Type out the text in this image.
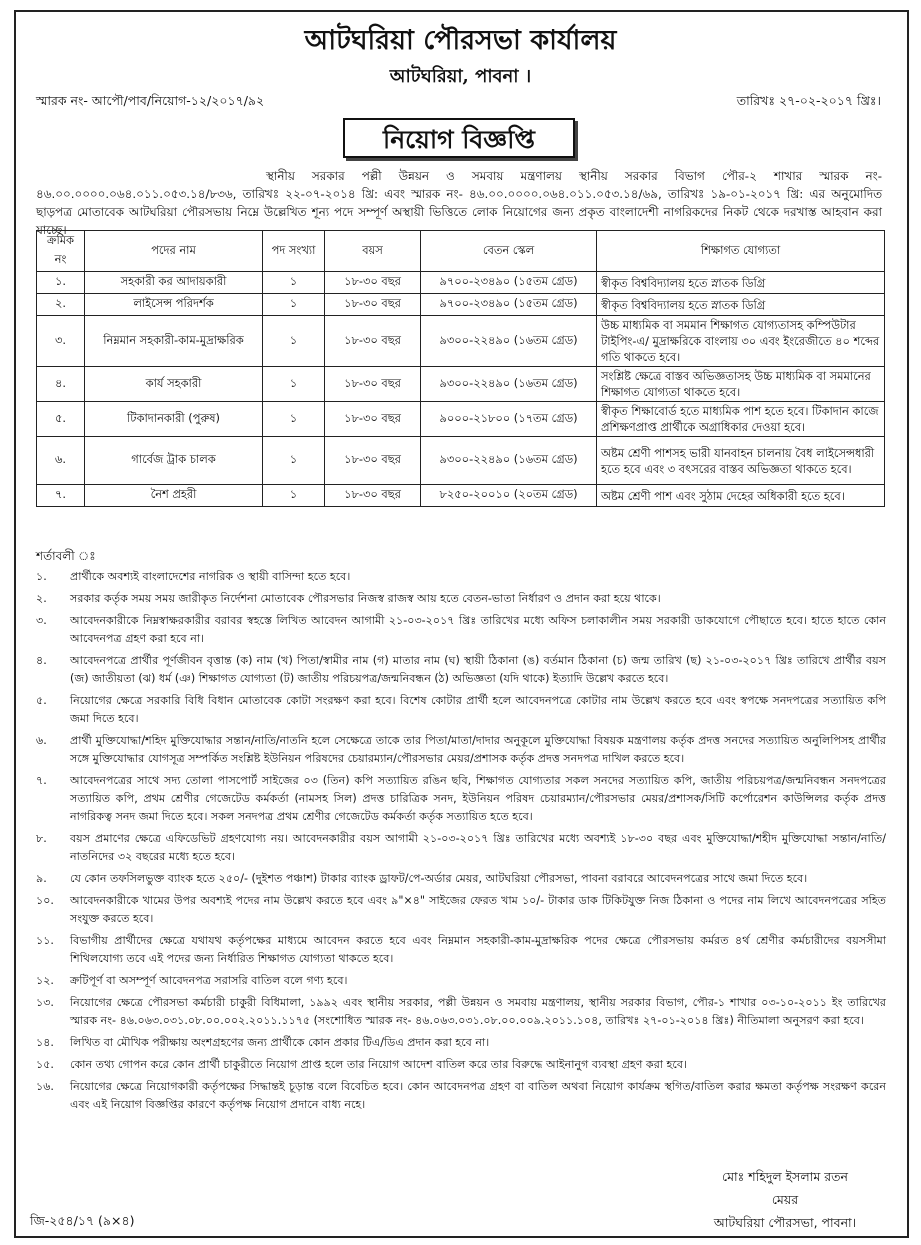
আটঘরিয়া পৌরসভা কার্যালয়
আটঘরিয়া, পাবনা ।
স্মারক নং- আপৌ/পাব/নিয়োগ-১২/২০১৭/৯২	তারিখঃ ২৭-০২-২০১৭ খ্রিঃ।
নিয়োগ বিজ্ঞপ্তি
স্থানীয় সরকার পল্লী উন্নয়ন ও সমবায় মন্ত্রণালয় স্থানীয় সরকার বিভাগ পৌর-২ শাখার স্মারক নং- ৪৬.০০.০০০০.০৬৪.০১১.০৫৩.১৪/৮৩৬, তারিখঃ ২২-০৭-২০১৪ খ্রি: এবং স্মারক নং- ৪৬.০০.০০০০.০৬৪.০১১.০৫৩.১৪/৬৯, তারিখঃ ১৯-০১-২০১৭ খ্রি: এর অনুমোদিত ছাড়পত্র মোতাবেক আটঘরিয়া পৌরসভায় নিম্নে উল্লেখিত শূন্য পদে সম্পূর্ণ অস্থায়ী ভিত্তিতে লোক নিয়োগের জন্য প্রকৃত বাংলাদেশী নাগরিকদের নিকট থেকে দরখাস্ত আহবান করা যাচ্ছে।
ক্রমিক নং	পদের নাম	পদ সংখ্যা	বয়স	বেতন স্কেল	শিক্ষাগত যোগ্যতা
১.	সহকারী কর আদায়কারী	১	১৮-৩০ বছর	৯৭০০-২৩৪৯০ (১৫তম গ্রেড)	স্বীকৃত বিশ্ববিদ্যালয় হতে স্নাতক ডিগ্রি
২.	লাইসেন্স পরিদর্শক	১	১৮-৩০ বছর	৯৭০০-২৩৪৯০ (১৫তম গ্রেড)	স্বীকৃত বিশ্ববিদ্যালয় হতে স্নাতক ডিগ্রি
৩.	নিম্নমান সহকারী-কাম-মুদ্রাক্ষরিক	১	১৮-৩০ বছর	৯৩০০-২২৪৯০ (১৬তম গ্রেড)	উচ্চ মাধ্যমিক বা সমমান শিক্ষাগত যোগ্যতাসহ কম্পিউটার টাইপিং-এ/ মুদ্রাক্ষরিকে বাংলায় ৩০ এবং ইংরেজীতে ৪০ শব্দের গতি থাকতে হবে।
৪.	কার্য সহকারী	১	১৮-৩০ বছর	৯৩০০-২২৪৯০ (১৬তম গ্রেড)	সংশ্লিষ্ট ক্ষেত্রে বাস্তব অভিজ্ঞতাসহ উচ্চ মাধ্যমিক বা সমমানের শিক্ষাগত যোগ্যতা থাকতে হবে।
৫.	টিকাদানকারী (পুরুষ)	১	১৮-৩০ বছর	৯০০০-২১৮০০ (১৭তম গ্রেড)	স্বীকৃত শিক্ষাবোর্ড হতে মাধ্যমিক পাশ হতে হবে। টিকাদান কাজে প্রশিক্ষণপ্রাপ্ত প্রার্থীকে অগ্রাধিকার দেওয়া হবে।
৬.	গার্বেজ ট্রাক চালক	১	১৮-৩০ বছর	৯৩০০-২২৪৯০ (১৬তম গ্রেড)	অষ্টম শ্রেণী পাশসহ ভারী যানবাহন চালনায় বৈধ লাইসেন্সধারী হতে হবে এবং ৩ বৎসরের বাস্তব অভিজ্ঞতা থাকতে হবে।
৭.	নৈশ প্রহরী	১	১৮-৩০ বছর	৮২৫০-২০০১০ (২০তম গ্রেড)	অষ্টম শ্রেণী পাশ এবং সুঠাম দেহের অধিকারী হতে হবে।
শর্তাবলী ঃ
১.	প্রার্থীকে অবশ্যই বাংলাদেশের নাগরিক ও স্থায়ী বাসিন্দা হতে হবে।
২.	সরকার কর্তৃক সময় সময় জারীকৃত নির্দেশনা মোতাবেক পৌরসভার নিজস্ব রাজস্ব আয় হতে বেতন-ভাতা নির্ধারণ ও প্রদান করা হয়ে থাকে।
৩.	আবেদনকারীকে নিম্নস্বাক্ষরকারীর বরাবর স্বহস্তে লিখিত আবেদন আগামী ২১-০৩-২০১৭ খ্রিঃ তারিখের মধ্যে অফিস চলাকালীন সময় সরকারী ডাকযোগে পৌছাতে হবে। হাতে হাতে কোন আবেদনপত্র গ্রহণ করা হবে না।
৪.	আবেদনপত্রে প্রার্থীর পূর্ণজীবন বৃত্তান্ত (ক) নাম (খ) পিতা/স্বামীর নাম (গ) মাতার নাম (ঘ) স্থায়ী ঠিকানা (ঙ) বর্তমান ঠিকানা (চ) জন্ম তারিখ (ছ) ২১-০৩-২০১৭ খ্রিঃ তারিখে প্রার্থীর বয়স (জ) জাতীয়তা (ঝ) ধর্ম (ঞ) শিক্ষাগত যোগ্যতা (ট) জাতীয় পরিচয়পত্র/জন্মনিবন্ধন (ঠ) অভিজ্ঞতা (যদি থাকে) ইত্যাদি উল্লেখ করতে হবে।
৫.	নিয়োগের ক্ষেত্রে সরকারি বিধি বিধান মোতাবেক কোটা সংরক্ষণ করা হবে। বিশেষ কোটার প্রার্থী হলে আবেদনপত্রে কোটার নাম উল্লেখ করতে হবে এবং স্বপক্ষে সনদপত্রের সত্যায়িত কপি জমা দিতে হবে।
৬.	প্রার্থী মুক্তিযোদ্ধা/শহিদ মুক্তিযোদ্ধার সন্তান/নাতি/নাতনি হলে সেক্ষেত্রে তাকে তার পিতা/মাতা/দাদার অনুকূলে মুক্তিযোদ্ধা বিষয়ক মন্ত্রণালয় কর্তৃক প্রদত্ত সনদের সত্যায়িত অনুলিপিসহ প্রার্থীর সঙ্গে মুক্তিযোদ্ধার যোগসূত্র সম্পর্কিত সংশ্লিষ্ট ইউনিয়ন পরিষদের চেয়ারম্যান/পৌরসভার মেয়র/প্রশাসক কর্তৃক প্রদত্ত সনদপত্র দাখিল করতে হবে।
৭.	আবেদনপত্রের সাথে সদ্য তোলা পাসপোর্ট সাইজের ০৩ (তিন) কপি সত্যায়িত রঙিন ছবি, শিক্ষাগত যোগ্যতার সকল সনদের সত্যায়িত কপি, জাতীয় পরিচয়পত্র/জন্মনিবন্ধন সনদপত্রের সত্যায়িত কপি, প্রথম শ্রেণীর গেজেটেড কর্মকর্তা (নামসহ সিল) প্রদত্ত চারিত্রিক সনদ, ইউনিয়ন পরিষদ চেয়ারম্যান/পৌরসভার মেয়র/প্রশাসক/সিটি কর্পোরেশন কাউন্সিলর কর্তৃক প্রদত্ত নাগরিকত্ব সনদ জমা দিতে হবে। সকল সনদপত্র প্রথম শ্রেণীর গেজেটেড কর্মকর্তা কর্তৃক সত্যায়িত হতে হবে।
৮.	বয়স প্রমাণের ক্ষেত্রে এফিডেভিট গ্রহণযোগ্য নয়। আবেদনকারীর বয়স আগামী ২১-০৩-২০১৭ খ্রিঃ তারিখের মধ্যে অবশ্যই ১৮-৩০ বছর এবং মুক্তিযোদ্ধা/শহীদ মুক্তিযোদ্ধা সন্তান/নাতি/নাতনিদের ৩২ বছরের মধ্যে হতে হবে।
৯.	যে কোন তফসিলভুক্ত ব্যাংক হতে ২৫০/- (দুইশত পঞ্চাশ) টাকার ব্যাংক ড্রাফট/পে-অর্ডার মেয়র, আটঘরিয়া পৌরসভা, পাবনা বরাবরে আবেদনপত্রের সাথে জমা দিতে হবে।
১০.	আবেদনকারীকে খামের উপর অবশ্যই পদের নাম উল্লেখ করতে হবে এবং ৯"×৪" সাইজের ফেরত খাম ১০/- টাকার ডাক টিকিটযুক্ত নিজ ঠিকানা ও পদের নাম লিখে আবেদনপত্রের সহিত সংযুক্ত করতে হবে।
১১.	বিভাগীয় প্রার্থীদের ক্ষেত্রে যথাযথ কর্তৃপক্ষের মাধ্যমে আবেদন করতে হবে এবং নিম্নমান সহকারী-কাম-মুদ্রাক্ষরিক পদের ক্ষেত্রে পৌরসভায় কর্মরত ৪র্থ শ্রেণীর কর্মচারীদের বয়সসীমা শিথিলযোগ্য তবে এই পদের জন্য নির্ধারিত শিক্ষাগত যোগ্যতা থাকতে হবে।
১২.	ক্রটিপূর্ণ বা অসম্পূর্ণ আবেদনপত্র সরাসরি বাতিল বলে গণ্য হবে।
১৩.	নিয়োগের ক্ষেত্রে পৌরসভা কর্মচারী চাকুরী বিধিমালা, ১৯৯২ এবং স্থানীয় সরকার, পল্লী উন্নয়ন ও সমবায় মন্ত্রণালয়, স্থানীয় সরকার বিভাগ, পৌর-১ শাখার ০৩-১০-২০১১ ইং তারিখের স্মারক নং- ৪৬.০৬৩.০৩১.০৮.০০.০০২.২০১১.১১৭৫ (সংশোধিত স্মারক নং- ৪৬.০৬৩.০৩১.০৮.০০.০০৯.২০১১.১০৪, তারিখঃ ২৭-০১-২০১৪ খ্রিঃ) নীতিমালা অনুসরণ করা হবে।
১৪.	লিখিত বা মৌখিক পরীক্ষায় অংশগ্রহণের জন্য প্রার্থীকে কোন প্রকার টিএ/ডিএ প্রদান করা হবে না।
১৫.	কোন তথ্য গোপন করে কোন প্রার্থী চাকুরীতে নিয়োগ প্রাপ্ত হলে তার নিয়োগ আদেশ বাতিল করে তার বিরুদ্ধে আইনানুগ ব্যবস্থা গ্রহণ করা হবে।
১৬.	নিয়োগের ক্ষেত্রে নিয়োগকারী কর্তৃপক্ষের সিদ্ধান্তই চূড়ান্ত বলে বিবেচিত হবে। কোন আবেদনপত্র গ্রহণ বা বাতিল অথবা নিয়োগ কার্যক্রম স্থগিত/বাতিল করার ক্ষমতা কর্তৃপক্ষ সংরক্ষণ করেন এবং এই নিয়োগ বিজ্ঞপ্তির কারণে কর্তৃপক্ষ নিয়োগ প্রদানে বাধ্য নহে।
মোঃ শহিদুল ইসলাম রতন
মেয়র
আটঘরিয়া পৌরসভা, পাবনা।
জি-২৫৪/১৭ (৯×৪)
